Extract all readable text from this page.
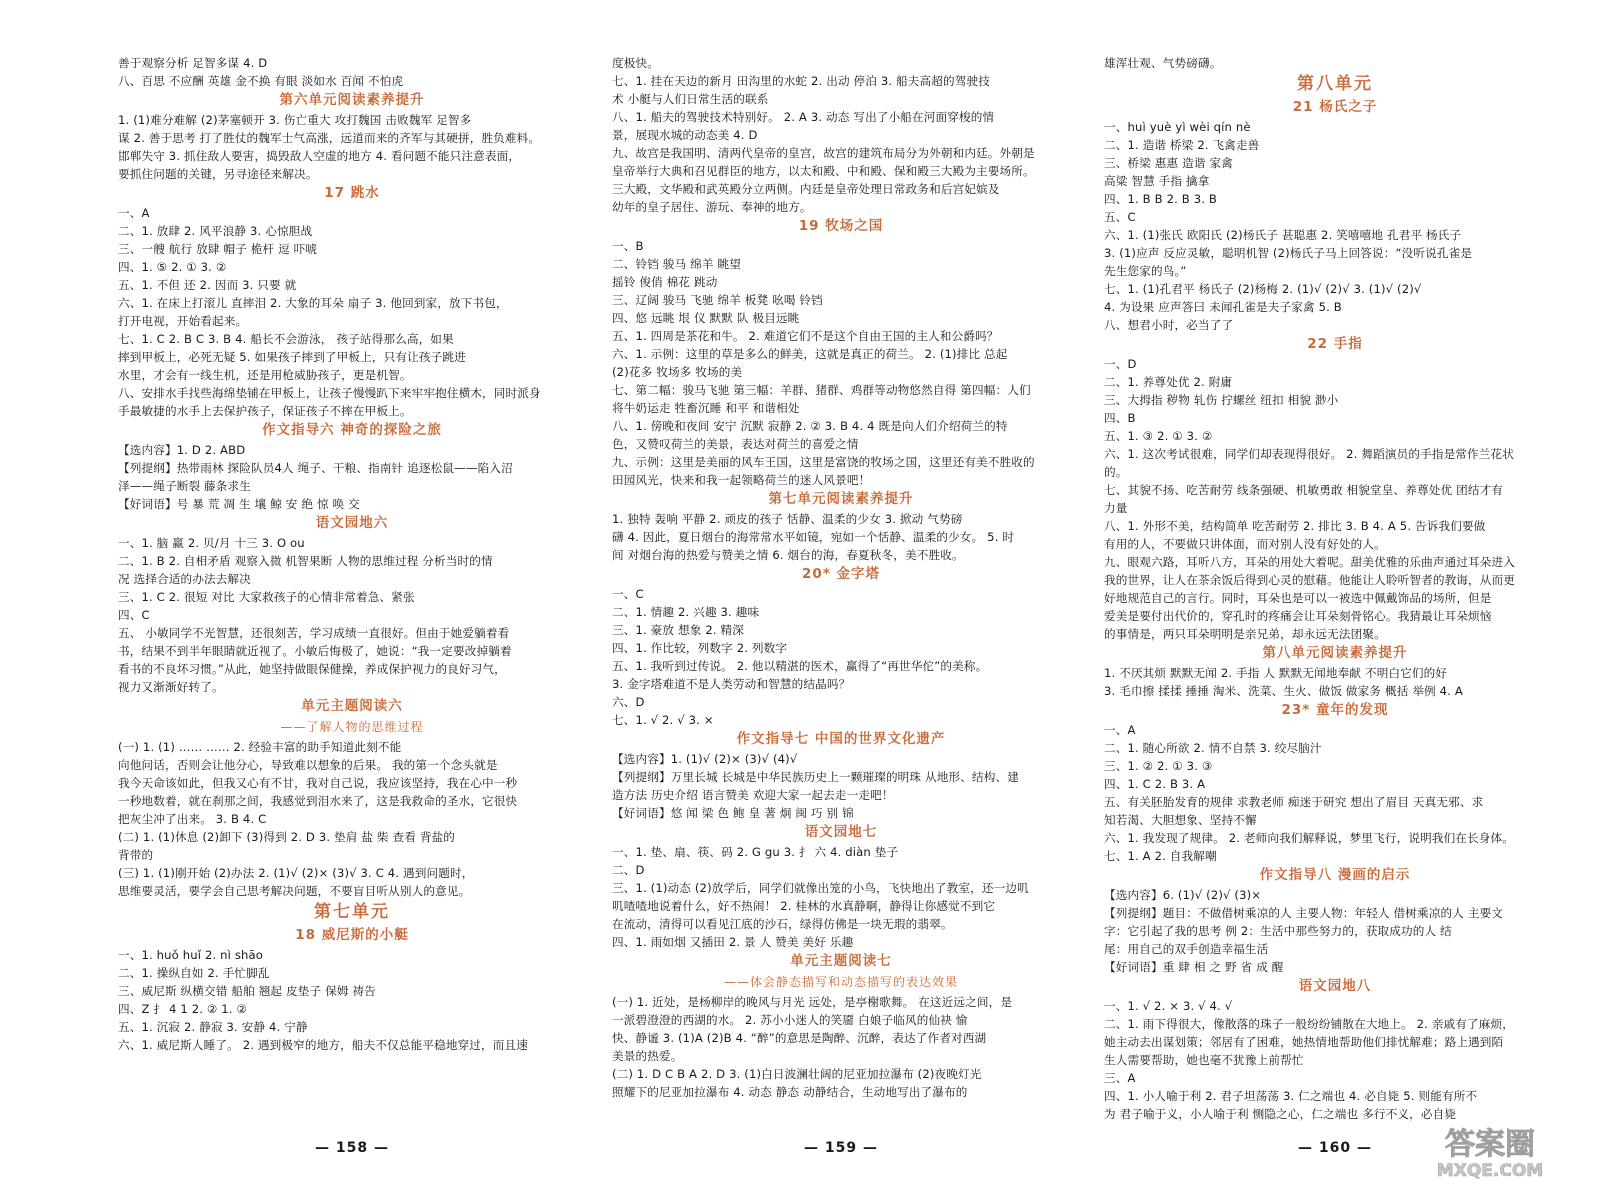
善于观察分析 足智多谋 4. D
八、百思 不应酬 英雄 金不换 有眼 淡如水 百闻 不怕虎
第六单元阅读素养提升
1. (1)难分难解 (2)茅塞顿开 3. 伤亡重大 攻打魏国 击败魏军 足智多
谋 2. 善于思考 打了胜仗的魏军士气高涨，远道而来的齐军与其硬拼，胜负难料。
邯郸失守 3. 抓住敌人要害，捣毁敌人空虚的地方 4. 看问题不能只注意表面，
要抓住问题的关键，另寻途径来解决。
17 跳水
一、A
二、1. 放肆 2. 风平浪静 3. 心惊胆战
三、一艘 航行 放肆 帽子 桅杆 逗 吓唬
四、1. ⑤ 2. ① 3. ②
五、1. 不但 还 2. 因而 3. 只要 就
六、1. 在床上打滚儿 直摔泪 2. 大象的耳朵 扇子 3. 他回到家，放下书包，
打开电视，开始看起来。
七、1. C 2. B C 3. B 4. 船长不会游泳， 孩子站得那么高，如果
摔到甲板上，必死无疑 5. 如果孩子摔到了甲板上，只有让孩子跳进
水里，才会有一线生机，还是用枪威胁孩子，更是机智。
八、安排水手找些海绵垫铺在甲板上，让孩子慢慢趴下来牢牢抱住横木，同时派身
手最敏捷的水手上去保护孩子，保证孩子不摔在甲板上。
作文指导六 神奇的探险之旅
【选内容】1. D 2. ABD
【列提纲】热带雨林 探险队员4人 绳子、干粮、指南针 追逐松鼠——陷入沼
泽——绳子断裂 藤条求生
【好词语】号 暴 荒 凋 生 壤 鲸 安 绝 惊 唤 交
语文园地六
一、1. 脑 赢 2. 贝/月 十三 3. O ou
二、1. B 2. 自相矛盾 观察入微 机智果断 人物的思维过程 分析当时的情
况 选择合适的办法去解决
三、1. C 2. 很短 对比 大家救孩子的心情非常着急、紧张
四、C
五、 小敏同学不光智慧，还很刻苦，学习成绩一直很好。但由于她爱躺着看
书，结果不到半年眼睛就近视了。小敏后悔极了，她说：“我一定要改掉躺着
看书的不良坏习惯。”从此，她坚持做眼保健操，养成保护视力的良好习气，
视力又渐渐好转了。
单元主题阅读六
——了解人物的思维过程
(一) 1. (1) …… …… 2. 经验丰富的助手知道此刻不能
向他问话，否则会让他分心，导致难以想象的后果。 我的第一个念头就是
我今天命该如此，但我又心有不甘，我对自己说，我应该坚持，我在心中一秒
一秒地数着，就在刹那之间，我感觉到泪水来了，这是我救命的圣水，它很快
把灰尘冲了出来。 3. B 4. C
(二) 1. (1)休息 (2)卸下 (3)得到 2. D 3. 垫肩 盐 柴 查看 背盐的
背带的
(三) 1. (1)刚开始 (2)办法 2. (1)√ (2)× (3)√ 3. C 4. 遇到问题时，
思维要灵活，要学会自己思考解决问题，不要盲目听从别人的意见。
第七单元
18 威尼斯的小艇
一、1. huǒ huǐ 2. nì shāo
二、1. 操纵自如 2. 手忙脚乱
三、威尼斯 纵横交错 船舶 翘起 皮垫子 保姆 祷告
四、Z 扌 4 1 2. ② 1. ②
五、1. 沉寂 2. 静寂 3. 安静 4. 宁静
六、1. 威尼斯人睡了。 2. 遇到极窄的地方，船夫不仅总能平稳地穿过，而且速
度极快。
七、1. 挂在天边的新月 田沟里的水蛇 2. 出动 停泊 3. 船夫高超的驾驶技
术 小艇与人们日常生活的联系
八、1. 船夫的驾驶技术特别好。 2. A 3. 动态 写出了小船在河面穿梭的情
景，展现水城的动态美 4. D
九、故宫是我国明、清两代皇帝的皇宫，故宫的建筑布局分为外朝和内廷。外朝是
皇帝举行大典和召见群臣的地方，以太和殿、中和殿、保和殿三大殿为主要场所。
三大殿，文华殿和武英殿分立两侧。内廷是皇帝处理日常政务和后宫妃嫔及
幼年的皇子居住、游玩、奉神的地方。
19 牧场之国
一、B
二、铃铛 骏马 绵羊 眺望
摇铃 俊俏 棉花 跳动
三、辽阔 骏马 飞驰 绵羊 板凳 吆喝 铃铛
四、悠 远眺 垠 仪 默默 队 极目远眺
五、1. 四周是茶花和牛。 2. 难道它们不是这个自由王国的主人和公爵吗？
六、1. 示例：这里的草是多么的鲜美，这就是真正的荷兰。 2. (1)排比 总起
(2)花多 牧场多 牧场的美
七、第二幅：骏马飞驰 第三幅：羊群、猪群、鸡群等动物悠然自得 第四幅：人们
将牛奶运走 牲畜沉睡 和平 和谐相处
八、1. 傍晚和夜间 安宁 沉默 寂静 2. ② 3. B 4. 4 既是向人们介绍荷兰的特
色，又赞叹荷兰的美景，表达对荷兰的喜爱之情
九、示例：这里是美丽的风车王国，这里是富饶的牧场之国，这里还有美不胜收的
田园风光，快来和我一起领略荷兰的迷人风景吧！
第七单元阅读素养提升
1. 独特 轰响 平静 2. 顽皮的孩子 恬静、温柔的少女 3. 掀动 气势磅
礴 4. 因此，夏日烟台的海常常水平如镜，宛如一个恬静、温柔的少女。 5. 时
间 对烟台海的热爱与赞美之情 6. 烟台的海，春夏秋冬，美不胜收。
20* 金字塔
一、C
二、1. 情趣 2. 兴趣 3. 趣味
三、1. 豪放 想象 2. 精深
四、1. 作比较，列数字 2. 列数字
五、1. 我听到过传说。 2. 他以精湛的医术，赢得了“再世华佗”的美称。
3. 金字塔难道不是人类劳动和智慧的结晶吗？
六、D
七、1. √ 2. √ 3. ×
作文指导七 中国的世界文化遗产
【选内容】1. (1)√ (2)× (3)√ (4)√
【列提纲】万里长城 长城是中华民族历史上一颗璀璨的明珠 从地形、结构、建
造方法 历史介绍 语言赞美 欢迎大家一起去走一走吧！
【好词语】悠 闻 梁 色 鲍 皇 著 炯 闽 巧 别 锦
语文园地七
一、1. 垫、扇、筷、码 2. G gu 3. 扌 六 4. diàn 垫子
二、D
三、1. (1)动态 (2)放学后，同学们就像出笼的小鸟，飞快地出了教室，还一边叽
叽喳喳地说着什么，好不热闹！ 2. 桂林的水真静啊，静得让你感觉不到它
在流动，清得可以看见江底的沙石，绿得仿佛是一块无瑕的翡翠。
四、1. 雨如烟 又插田 2. 景 人 赞美 美好 乐趣
单元主题阅读七
——体会静态描写和动态描写的表达效果
(一) 1. 近处，是杨柳岸的晚风与月光 远处，是亭榭歌舞。 在这近远之间，是
一派碧澄澄的西湖的水。 2. 苏小小迷人的笑靥 白娘子临风的仙袂 愉
快、静谧 3. (1)A (2)B 4. “醉”的意思是陶醉、沉醉，表达了作者对西湖
美景的热爱。
(二) 1. D C B A 2. D 3. (1)白日波澜壮阔的尼亚加拉瀑布 (2)夜晚灯光
照耀下的尼亚加拉瀑布 4. 动态 静态 动静结合，生动地写出了瀑布的
雄浑壮观、气势磅礴。
第八单元
21 杨氏之子
一、huì yuè yì wèi qín nè
二、1. 造谐 桥梁 2. 飞禽走兽
三、桥梁 惠惠 造谐 家禽
高粱 智慧 手指 擒拿
四、1. B B 2. B 3. B
五、C
六、1. (1)张氏 欧阳氏 (2)杨氏子 甚聪惠 2. 笑嘻嘻地 孔君平 杨氏子
3. (1)应声 反应灵敏，聪明机智 (2)杨氏子马上回答说：“没听说孔雀是
先生您家的鸟。”
七、1. (1)孔君平 杨氏子 (2)杨梅 2. (1)√ (2)√ 3. (1)√ (2)√
4. 为设果 应声答曰 未闻孔雀是夫子家禽 5. B
八、想君小时，必当了了
22 手指
一、D
二、1. 养尊处优 2. 附庸
三、大拇指 秽物 轧伤 拧螺丝 纽扣 相貌 渺小
四、B
五、1. ③ 2. ① 3. ②
六、1. 这次考试很难，同学们却表现得很好。 2. 舞蹈演员的手指是常作兰花状
的。
七、其貌不扬、吃苦耐劳 线条强硬、机敏勇敢 相貌堂皇、养尊处优 团结才有
力量
八、1. 外形不美，结构简单 吃苦耐劳 2. 排比 3. B 4. A 5. 告诉我们要做
有用的人，不要做只讲体面，而对别人没有好处的人。
九、眼观六路，耳听八方，耳朵的用处大着呢。甜美优雅的乐曲声通过耳朵进入
我的世界，让人在茶余饭后得到心灵的慰藉。他能让人聆听智者的教诲，从而更
好地规范自己的言行。同时，耳朵也是可以一被选中佩戴饰品的场所，但是
爱美是要付出代价的，穿孔时的疼痛会让耳朵刻骨铭心。我猜最让耳朵烦恼
的事情是，两只耳朵明明是亲兄弟，却永远无法团聚。
第八单元阅读素养提升
1. 不厌其烦 默默无闻 2. 手指 人 默默无闻地奉献 不明白它们的好
3. 毛巾擦 揉揉 捶捶 淘米、洗菜、生火、做饭 做家务 概括 举例 4. A
23* 童年的发现
一、A
二、1. 随心所欲 2. 情不自禁 3. 绞尽脑汁
三、1. ② 2. ① 3. ③
四、1. C 2. B 3. A
五、有关胚胎发育的规律 求教老师 痴迷于研究 想出了眉目 天真无邪、求
知若渴、大胆想象、坚持不懈
六、1. 我发现了规律。 2. 老师向我们解释说，梦里飞行，说明我们在长身体。
七、1. A 2. 自我解嘲
作文指导八 漫画的启示
【选内容】6. (1)√ (2)√ (3)×
【列提纲】题目：不做借树乘凉的人 主要人物：年轻人 借树乘凉的人 主要文
字：它引起了我的思考 例 2：生活中那些努力的，获取成功的人 结
尾：用自己的双手创造幸福生活
【好词语】重 肆 相 之 野 省 成 醒
语文园地八
一、1. √ 2. × 3. √ 4. √
二、1. 雨下得很大，像散落的珠子一般纷纷铺散在大地上。 2. 亲戚有了麻烦，
她主动去出谋划策；邻居有了困难，她热情地帮助他们排忧解难；路上遇到陌
生人需要帮助，她也毫不犹豫上前帮忙
三、A
四、1. 小人喻于利 2. 君子坦荡荡 3. 仁之端也 4. 必自毙 5. 则能有所不
为 君子喻于义，小人喻于利 恻隐之心，仁之端也 多行不义，必自毙
— 158 —	— 159 —	— 160 —	答案圈
MXQE.COM
